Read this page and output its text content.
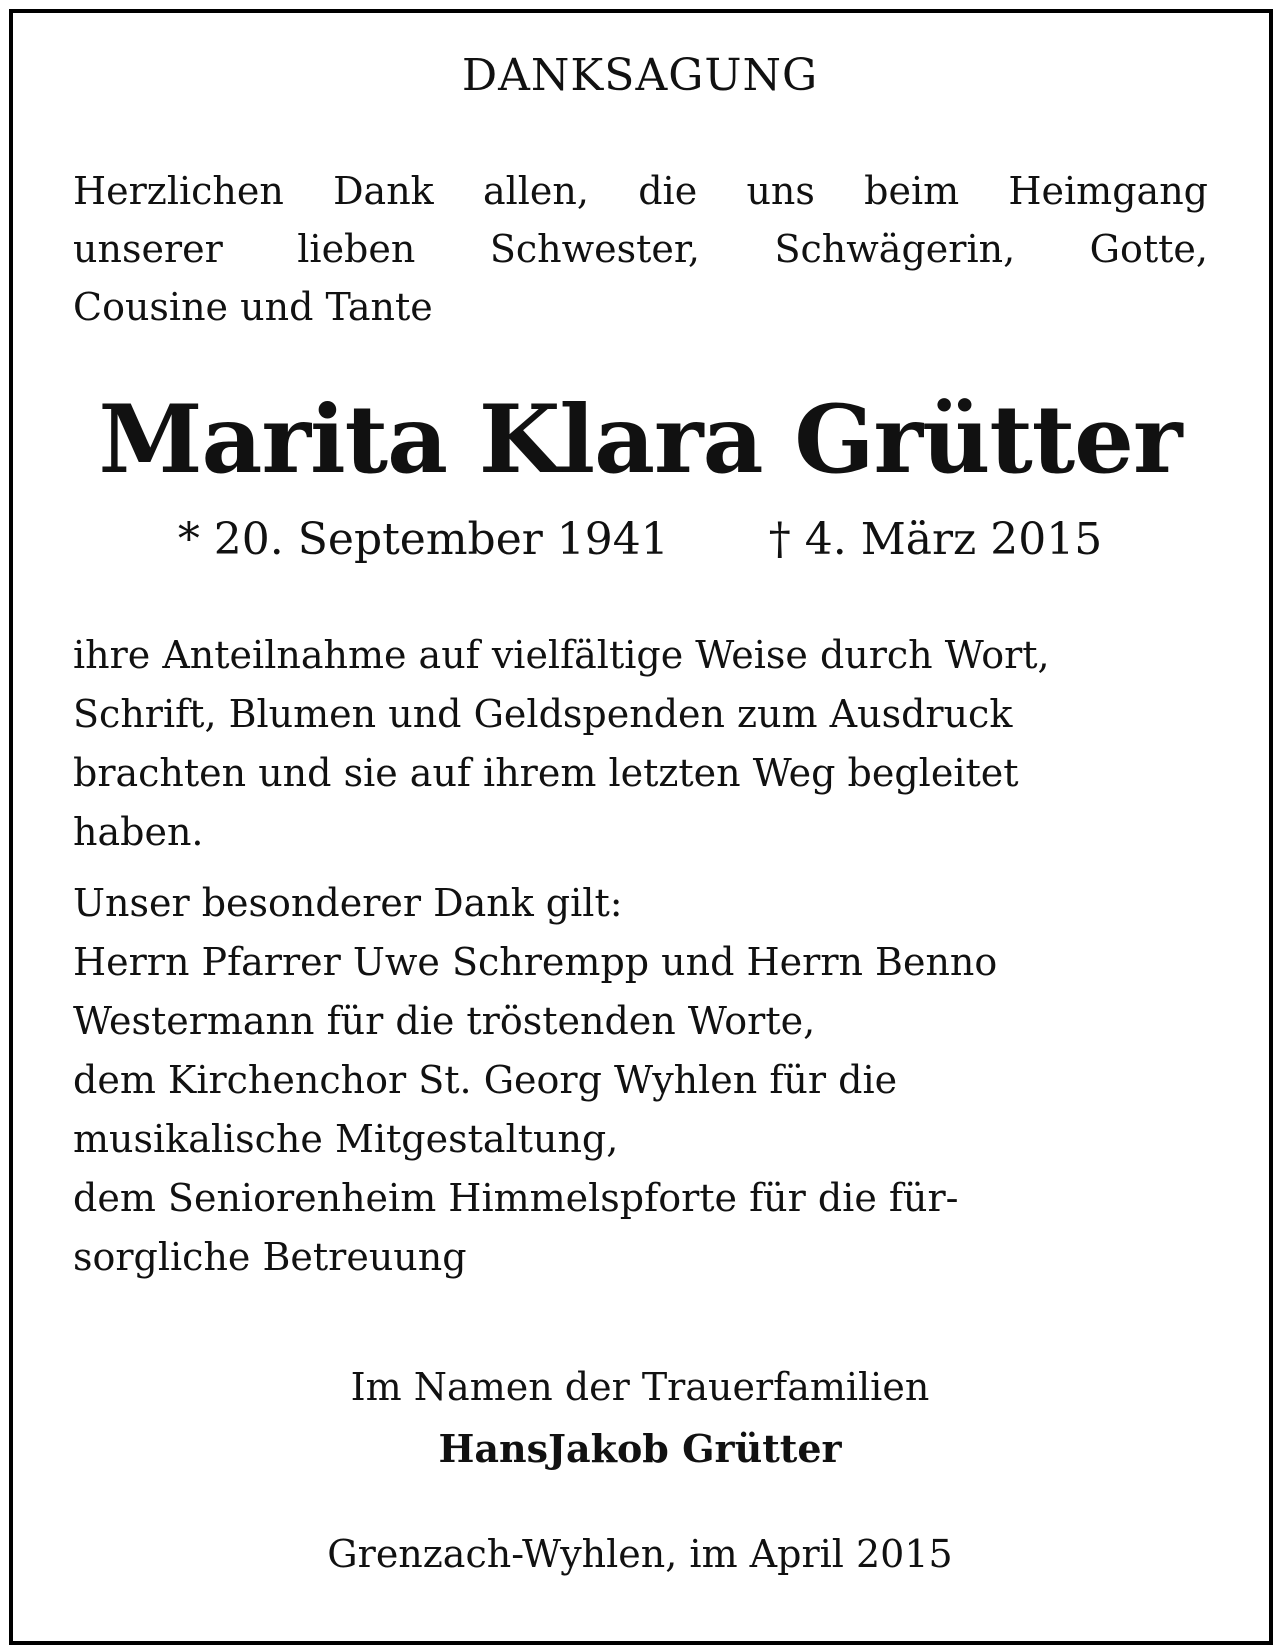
DANKSAGUNG
Herzlichen Dank allen, die uns beim Heimgang
unserer lieben Schwester, Schwägerin, Gotte,
Cousine und Tante
Marita Klara Grütter
* 20. September 1941 † 4. März 2015
ihre Anteilnahme auf vielfältige Weise durch Wort,
Schrift, Blumen und Geldspenden zum Ausdruck
brachten und sie auf ihrem letzten Weg begleitet
haben.
Unser besonderer Dank gilt:
Herrn Pfarrer Uwe Schrempp und Herrn Benno
Westermann für die tröstenden Worte,
dem Kirchenchor St. Georg Wyhlen für die
musikalische Mitgestaltung,
dem Seniorenheim Himmelspforte für die für-
sorgliche Betreuung
Im Namen der Trauerfamilien
HansJakob Grütter
Grenzach-Wyhlen, im April 2015
